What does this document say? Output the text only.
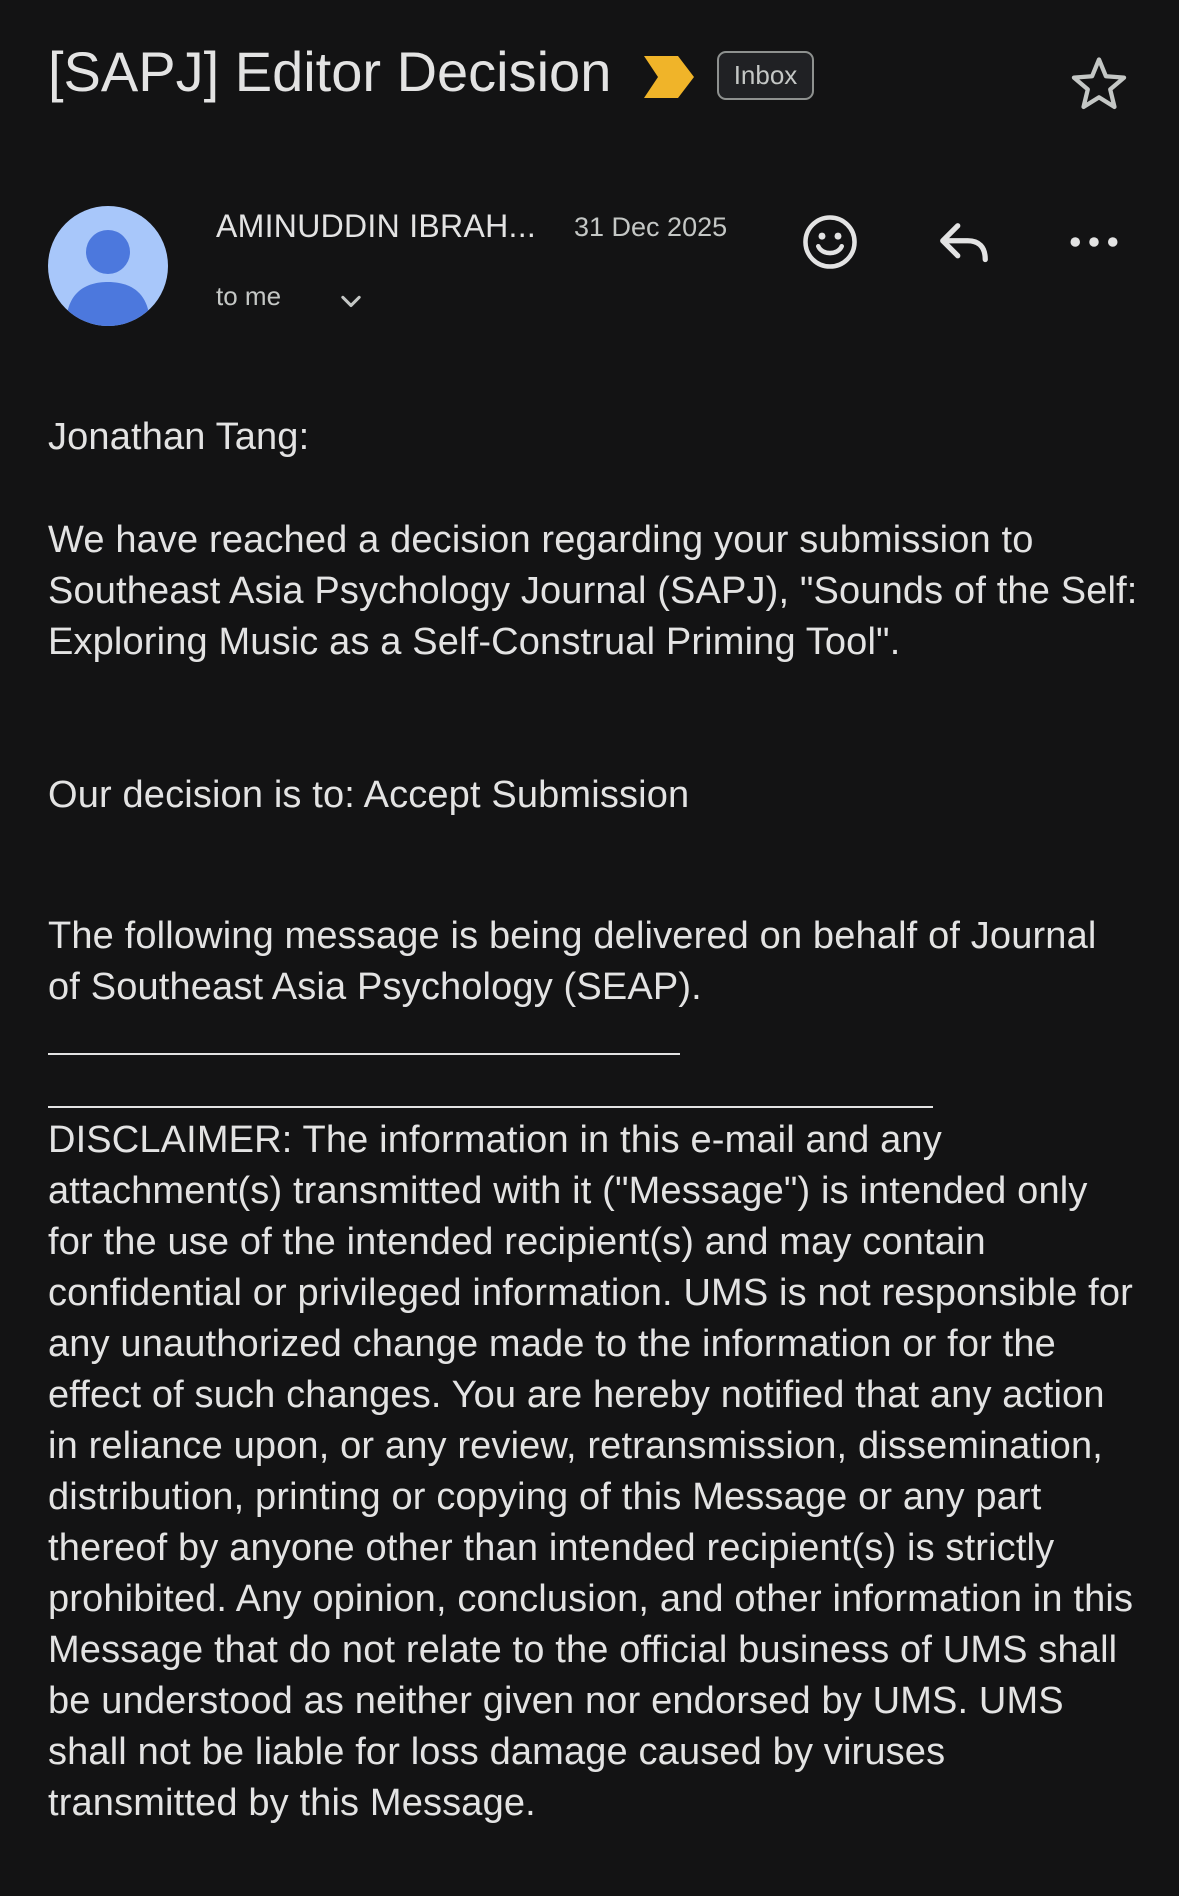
[SAPJ] Editor Decision	Inbox
AMINUDDIN IBRAH... 31 Dec 2025
to me

Jonathan Tang:

We have reached a decision regarding your submission to Southeast Asia Psychology Journal (SAPJ), "Sounds of the Self: Exploring Music as a Self-Construal Priming Tool".

Our decision is to: Accept Submission

The following message is being delivered on behalf of Journal of Southeast Asia Psychology (SEAP).

DISCLAIMER: The information in this e-mail and any attachment(s) transmitted with it ("Message") is intended only for the use of the intended recipient(s) and may contain confidential or privileged information. UMS is not responsible for any unauthorized change made to the information or for the effect of such changes. You are hereby notified that any action in reliance upon, or any review, retransmission, dissemination, distribution, printing or copying of this Message or any part thereof by anyone other than intended recipient(s) is strictly prohibited. Any opinion, conclusion, and other information in this Message that do not relate to the official business of UMS shall be understood as neither given nor endorsed by UMS. UMS shall not be liable for loss damage caused by viruses transmitted by this Message.
